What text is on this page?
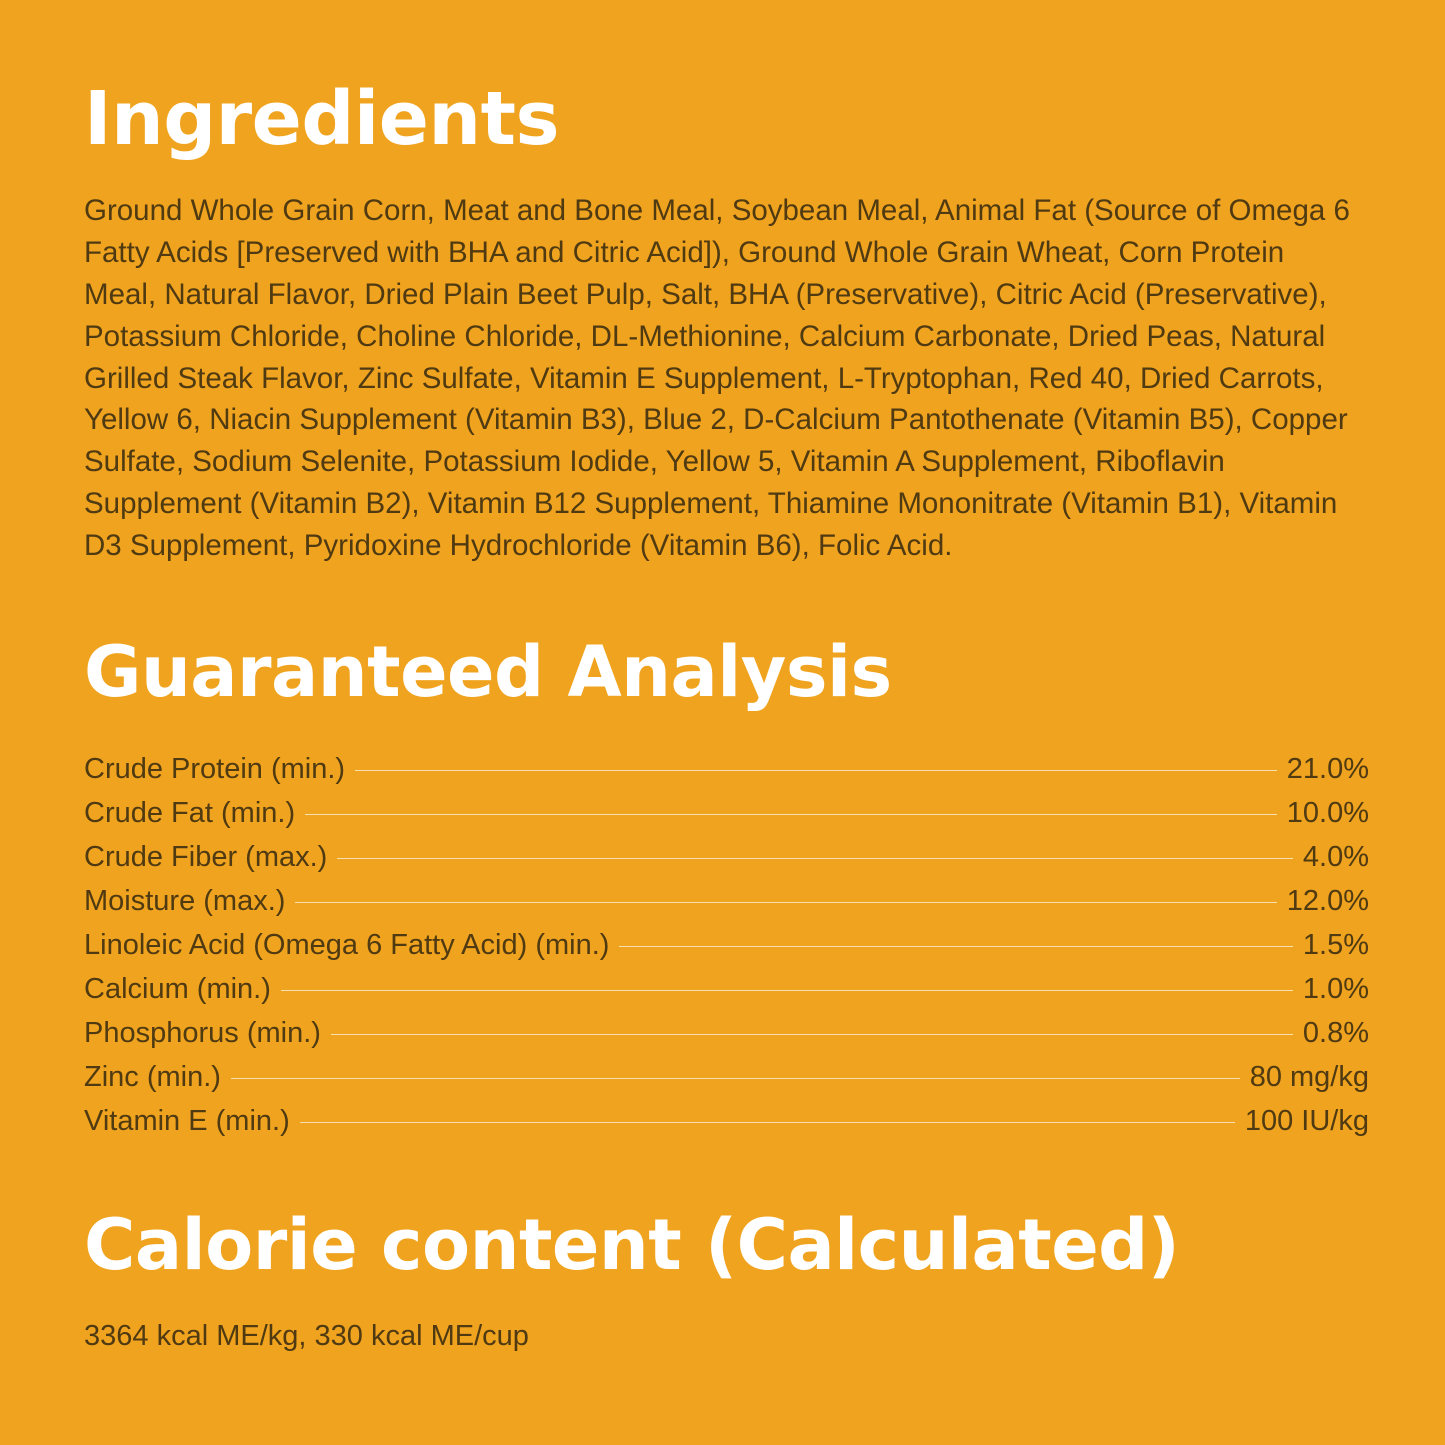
Ingredients

Ground Whole Grain Corn, Meat and Bone Meal, Soybean Meal, Animal Fat (Source of Omega 6 Fatty Acids [Preserved with BHA and Citric Acid]), Ground Whole Grain Wheat, Corn Protein Meal, Natural Flavor, Dried Plain Beet Pulp, Salt, BHA (Preservative), Citric Acid (Preservative), Potassium Chloride, Choline Chloride, DL-Methionine, Calcium Carbonate, Dried Peas, Natural Grilled Steak Flavor, Zinc Sulfate, Vitamin E Supplement, L-Tryptophan, Red 40, Dried Carrots, Yellow 6, Niacin Supplement (Vitamin B3), Blue 2, D-Calcium Pantothenate (Vitamin B5), Copper Sulfate, Sodium Selenite, Potassium Iodide, Yellow 5, Vitamin A Supplement, Riboflavin Supplement (Vitamin B2), Vitamin B12 Supplement, Thiamine Mononitrate (Vitamin B1), Vitamin D3 Supplement, Pyridoxine Hydrochloride (Vitamin B6), Folic Acid.

Guaranteed Analysis
Crude Protein (min.)	21.0%
Crude Fat (min.)	10.0%
Crude Fiber (max.)	4.0%
Moisture (max.)	12.0%
Linoleic Acid (Omega 6 Fatty Acid) (min.)	1.5%
Calcium (min.)	1.0%
Phosphorus (min.)	0.8%
Zinc (min.)	80 mg/kg
Vitamin E (min.)	100 IU/kg
Calorie content (Calculated)
3364 kcal ME/kg, 330 kcal ME/cup
